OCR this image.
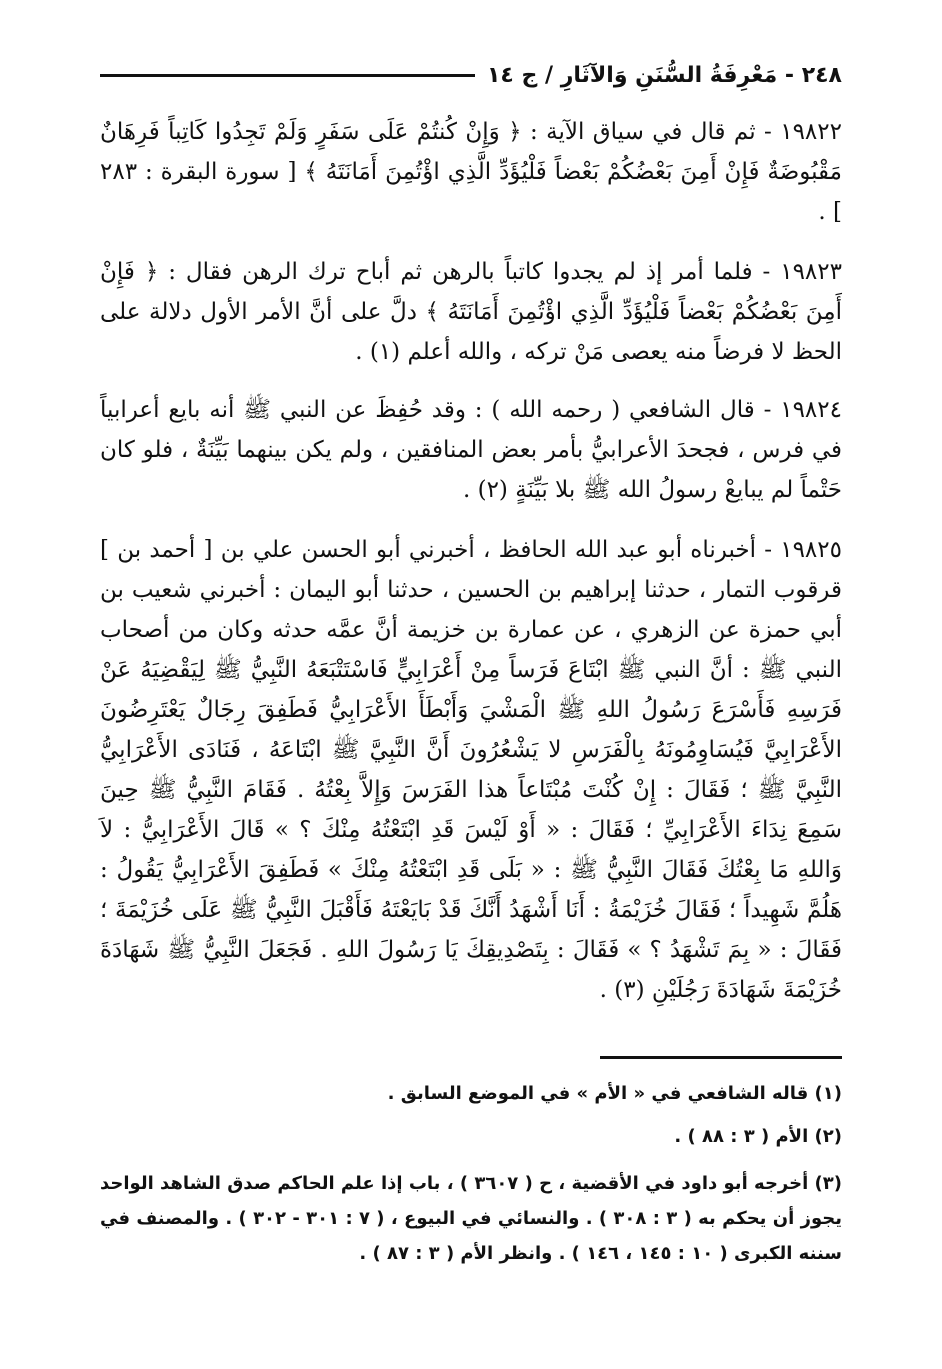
٢٤٨ - مَعْرِفَةُ السُّنَنِ وَالآثَارِ / ج ١٤

١٩٨٢٢ - ثم قال في سياق الآية : ﴿ وَإِنْ كُنتُمْ عَلَى سَفَرٍ وَلَمْ تَجِدُوا كَاتِباً فَرِهَانٌ مَقْبُوضَةٌ فَإِنْ أَمِنَ بَعْضُكُمْ بَعْضاً فَلْيُؤَدِّ الَّذِي اؤْتُمِنَ أَمَانَتَهُ ﴾ [ سورة البقرة : ٢٨٣ ] .

١٩٨٢٣ - فلما أمر إذ لم يجدوا كاتباً بالرهن ثم أباح ترك الرهن فقال : ﴿ فَإِنْ أَمِنَ بَعْضُكُمْ بَعْضاً فَلْيُؤَدِّ الَّذِي اؤْتُمِنَ أَمَانَتَهُ ﴾ دلَّ على أنَّ الأمر الأول دلالة على الحظ لا فرضاً منه يعصى مَنْ تركه ، والله أعلم (١) .

١٩٨٢٤ - قال الشافعي ( رحمه الله ) : وقد حُفِظَ عن النبي ﷺ أنه بايع أعرابياً في فرس ، فجحدَ الأعرابيُّ بأمر بعض المنافقين ، ولم يكن بينهما بَيِّنَةٌ ، فلو كان حَتْماً لم يبايعْ رسولُ الله ﷺ بلا بَيِّنَةٍ (٢) .

١٩٨٢٥ - أخبرناه أبو عبد الله الحافظ ، أخبرني أبو الحسن علي بن [ أحمد بن ] قرقوب التمار ، حدثنا إبراهيم بن الحسين ، حدثنا أبو اليمان : أخبرني شعيب بن أبي حمزة عن الزهري ، عن عمارة بن خزيمة أنَّ عمَّه حدثه وكان من أصحاب النبي ﷺ : أنَّ النبي ﷺ ابْتَاعَ فَرَساً مِنْ أَعْرَابِيٍّ فَاسْتَتْبَعَهُ النَّبِيُّ ﷺ لِيَقْضِيَهُ عَنْ فَرَسِهِ فَأَسْرَعَ رَسُولُ اللهِ ﷺ الْمَشْيَ وَأَبْطَأَ الأَعْرَابِيُّ فَطَفِقَ رِجَالٌ يَعْتَرِضُونَ الأَعْرَابِيَّ فَيُسَاوِمُونَهُ بِالْفَرَسِ لا يَشْعُرُونَ أَنَّ النَّبِيَّ ﷺ ابْتَاعَهُ ، فَنَادَى الأَعْرَابِيُّ النَّبِيَّ ﷺ ؛ فَقَالَ : إِنْ كُنْتَ مُبْتَاعاً هذا الفَرَسَ وَإِلاَّ بِعْتُهُ . فَقَامَ النَّبِيُّ ﷺ حِينَ سَمِعَ نِدَاءَ الأَعْرَابِيِّ ؛ فَقَالَ : « أَوْ لَيْسَ قَدِ ابْتَعْتُهُ مِنْكَ ؟ » قَالَ الأَعْرَابِيُّ : لاَ وَاللهِ مَا بِعْتُكَ فَقَالَ النَّبِيُّ ﷺ : « بَلَى قَدِ ابْتَعْتُهُ مِنْكَ » فَطَفِقَ الأَعْرَابِيُّ يَقُولُ : هَلُمَّ شَهِيداً ؛ فَقَالَ خُزَيْمَةُ : أَنَا أَشْهَدُ أَنَّكَ قَدْ بَايَعْتَهُ فَأَقْبَلَ النَّبِيُّ ﷺ عَلَى خُزَيْمَةَ ؛ فَقَالَ : « بِمَ تَشْهَدُ ؟ » فَقَالَ : بِتَصْدِيقِكَ يَا رَسُولَ اللهِ . فَجَعَلَ النَّبِيُّ ﷺ شَهَادَةَ خُزَيْمَةَ شَهَادَةَ رَجُلَيْنِ (٣) .

(١) قاله الشافعي في « الأم » في الموضع السابق .

(٢) الأم ( ٣ : ٨٨ ) .

(٣) أخرجه أبو داود في الأقضية ، ح ( ٣٦٠٧ ) ، باب إذا علم الحاكم صدق الشاهد الواحد يجوز أن يحكم به ( ٣ : ٣٠٨ ) . والنسائي في البيوع ، ( ٧ : ٣٠١ - ٣٠٢ ) . والمصنف في سننه الكبرى ( ١٠ : ١٤٥ ، ١٤٦ ) . وانظر الأم ( ٣ : ٨٧ ) .
